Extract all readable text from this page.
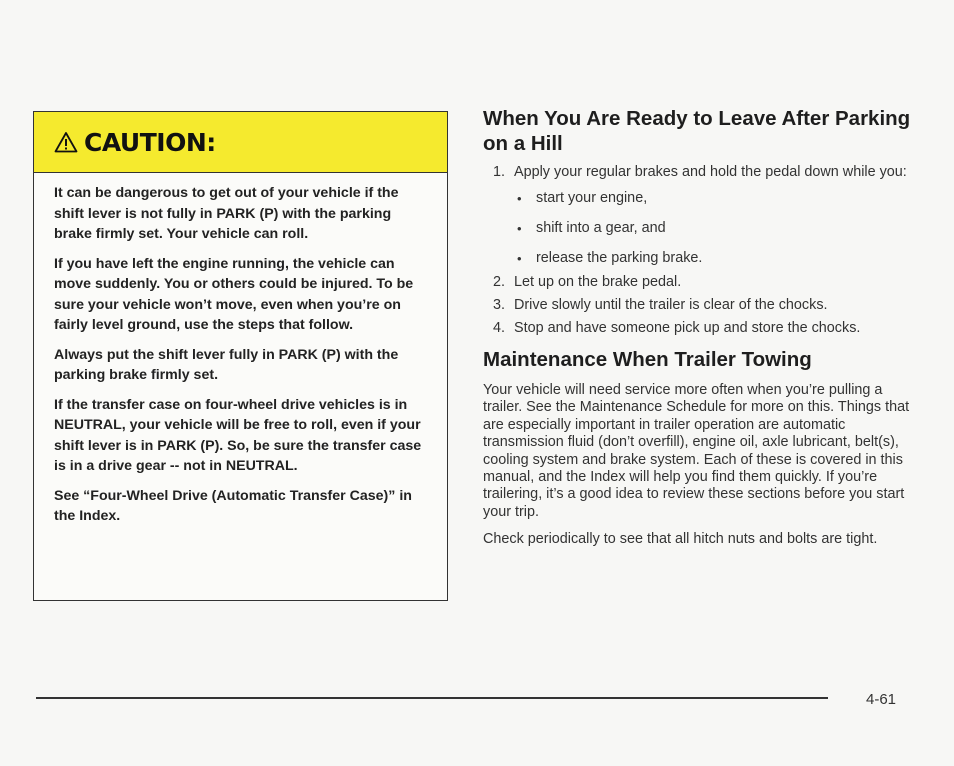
CAUTION:

It can be dangerous to get out of your vehicle if the shift lever is not fully in PARK (P) with the parking brake firmly set. Your vehicle can roll.

If you have left the engine running, the vehicle can move suddenly. You or others could be injured. To be sure your vehicle won’t move, even when you’re on fairly level ground, use the steps that follow.

Always put the shift lever fully in PARK (P) with the parking brake firmly set.

If the transfer case on four-wheel drive vehicles is in NEUTRAL, your vehicle will be free to roll, even if your shift lever is in PARK (P). So, be sure the transfer case is in a drive gear -- not in NEUTRAL.

See “Four-Wheel Drive (Automatic Transfer Case)” in the Index.

When You Are Ready to Leave After Parking on a Hill
1. Apply your regular brakes and hold the pedal down while you:
• start your engine,
• shift into a gear, and
• release the parking brake.
2. Let up on the brake pedal.
3. Drive slowly until the trailer is clear of the chocks.
4. Stop and have someone pick up and store the chocks.
Maintenance When Trailer Towing

Your vehicle will need service more often when you’re pulling a trailer. See the Maintenance Schedule for more on this. Things that are especially important in trailer operation are automatic transmission fluid (don’t overfill), engine oil, axle lubricant, belt(s), cooling system and brake system. Each of these is covered in this manual, and the Index will help you find them quickly. If you’re trailering, it’s a good idea to review these sections before you start your trip.

Check periodically to see that all hitch nuts and bolts are tight.

4-61
